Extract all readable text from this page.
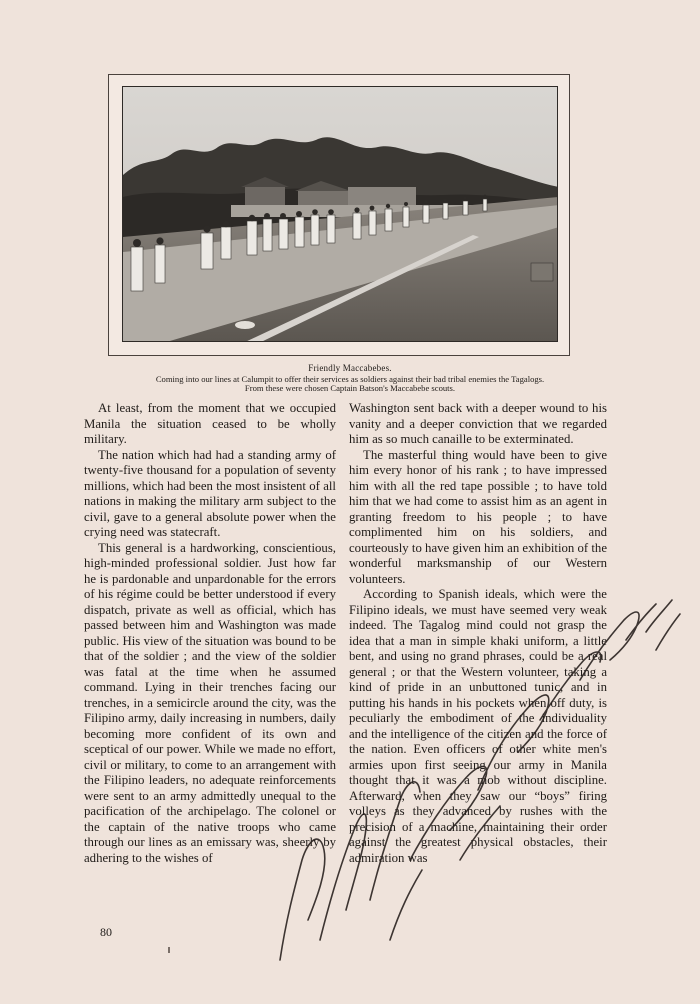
Friendly Maccabebes.
Coming into our lines at Calumpit to offer their services as soldiers against their bad tribal enemies the Tagalogs.
From these were chosen Captain Batson's Maccabebe scouts.

At least, from the moment that we occupied Manila the situation ceased to be wholly military.

The nation which had had a standing army of twenty-five thousand for a population of seventy millions, which had been the most insistent of all nations in making the military arm subject to the civil, gave to a general absolute power when the crying need was statecraft.

This general is a hardworking, conscientious, high-minded professional soldier. Just how far he is pardonable and unpardonable for the errors of his régime could be better understood if every dispatch, private as well as official, which has passed between him and Washington was made public. His view of the situation was bound to be that of the soldier ; and the view of the soldier was fatal at the time when he assumed command. Lying in their trenches facing our trenches, in a semicircle around the city, was the Filipino army, daily increasing in numbers, daily becoming more confident of its own and sceptical of our power. While we made no effort, civil or military, to come to an arrangement with the Filipino leaders, no adequate reinforcements were sent to an army admittedly unequal to the pacification of the archipelago. The colonel or the captain of the native troops who came through our lines as an emissary was, sheerly by adhering to the wishes of

Washington sent back with a deeper wound to his vanity and a deeper conviction that we regarded him as so much canaille to be exterminated.

The masterful thing would have been to give him every honor of his rank ; to have impressed him with all the red tape possible ; to have told him that we had come to assist him as an agent in granting freedom to his people ; to have complimented him on his soldiers, and courteously to have given him an exhibition of the wonderful marksmanship of our Western volunteers.

According to Spanish ideals, which were the Filipino ideals, we must have seemed very weak indeed. The Tagalog mind could not grasp the idea that a man in simple khaki uniform, a little bent, and using no grand phrases, could be a real general ; or that the Western volunteer, taking a kind of pride in an unbuttoned tunic, and in putting his hands in his pockets when off duty, is peculiarly the embodiment of the individuality and the intelligence of the citizen and the force of the nation. Even officers of other white men's armies upon first seeing our army in Manila thought that it was a mob without discipline. Afterward, when they saw our “boys” firing volleys as they advanced by rushes with the precision of a machine, maintaining their order against the greatest physical obstacles, their admiration was

80
